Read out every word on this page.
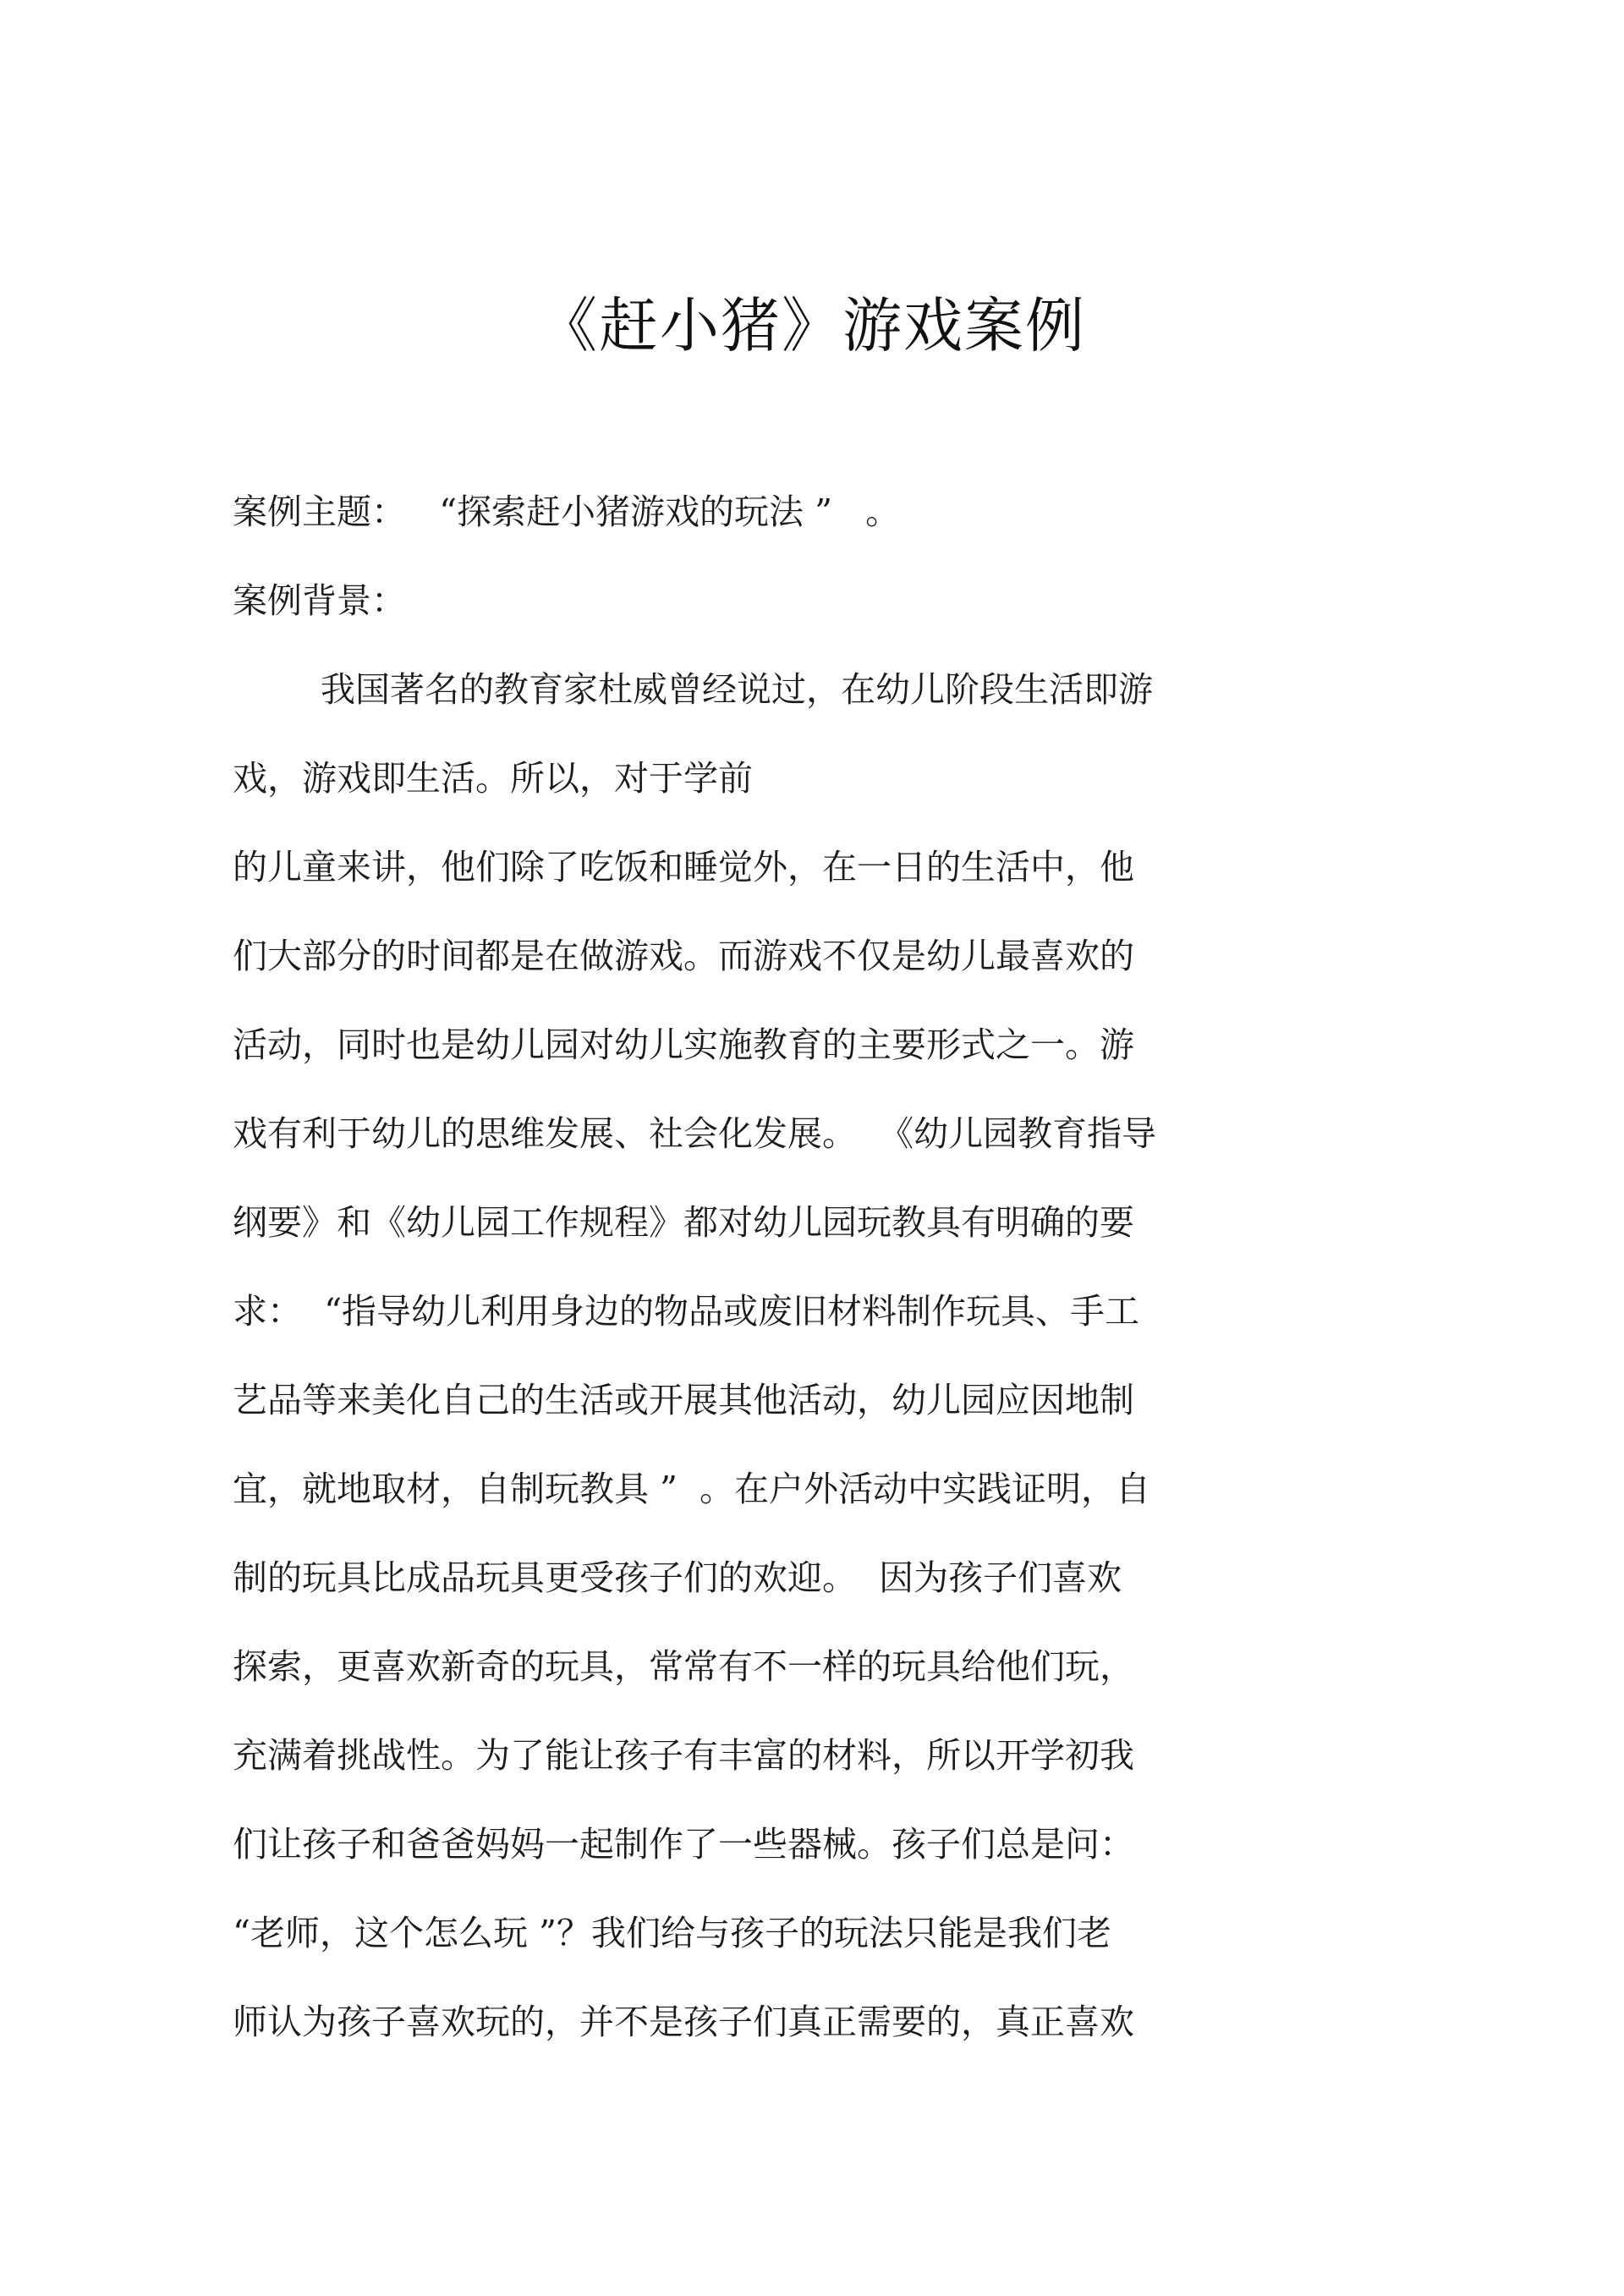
《赶小猪》游戏案例
案例主题：   “探索赶小猪游戏的玩法 ”   。
案例背景：
我国著名的教育家杜威曾经说过，在幼儿阶段生活即游
戏，游戏即生活。所以，对于学前
的儿童来讲，他们除了吃饭和睡觉外，在一日的生活中，他
们大部分的时间都是在做游戏。而游戏不仅是幼儿最喜欢的
活动，同时也是幼儿园对幼儿实施教育的主要形式之一。游
戏有利于幼儿的思维发展、社会化发展。  《幼儿园教育指导
纲要》和《幼儿园工作规程》都对幼儿园玩教具有明确的要
求：  “指导幼儿利用身边的物品或废旧材料制作玩具、手工
艺品等来美化自己的生活或开展其他活动，幼儿园应因地制
宜，就地取材，自制玩教具 ”  。在户外活动中实践证明，自
制的玩具比成品玩具更受孩子们的欢迎。  因为孩子们喜欢
探索，更喜欢新奇的玩具，常常有不一样的玩具给他们玩，
充满着挑战性。为了能让孩子有丰富的材料，所以开学初我
们让孩子和爸爸妈妈一起制作了一些器械。孩子们总是问：
“老师，这个怎么玩 ”？我们给与孩子的玩法只能是我们老
师认为孩子喜欢玩的，并不是孩子们真正需要的，真正喜欢
